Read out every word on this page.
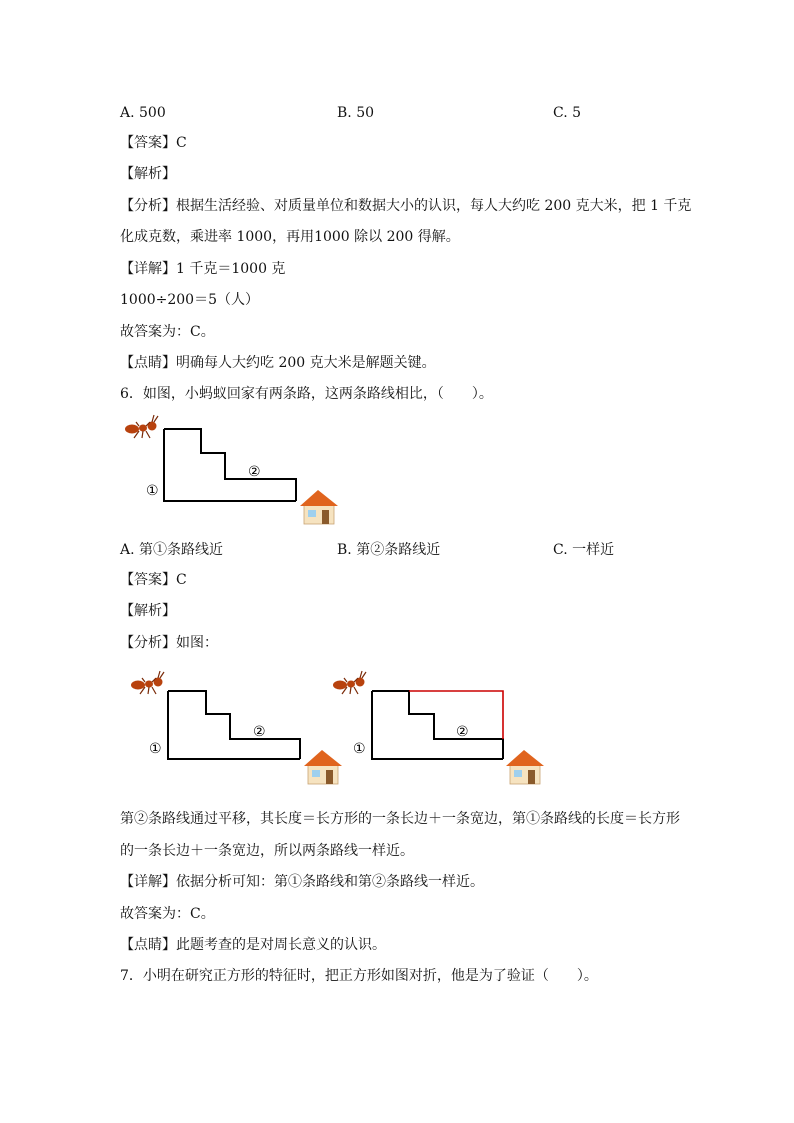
A. 500	B. 50	C. 5
【答案】C
【解析】
【分析】根据生活经验、对质量单位和数据大小的认识，每人大约吃 200 克大米，把 1 千克
化成克数，乘进率 1000，再用1000 除以 200 得解。
【详解】1 千克＝1000 克
1000÷200＝5（人）
故答案为：C。
【点睛】明确每人大约吃 200 克大米是解题关键。
6．如图，小蚂蚁回家有两条路，这两条路线相比，（　　）。
①
②
A. 第①条路线近	B. 第②条路线近	C. 一样近
【答案】C
【解析】
【分析】如图：
①
②
①
②
第②条路线通过平移，其长度＝长方形的一条长边＋一条宽边，第①条路线的长度＝长方形
的一条长边＋一条宽边，所以两条路线一样近。
【详解】依据分析可知：第①条路线和第②条路线一样近。
故答案为：C。
【点睛】此题考查的是对周长意义的认识。
7．小明在研究正方形的特征时，把正方形如图对折，他是为了验证（　　）。
